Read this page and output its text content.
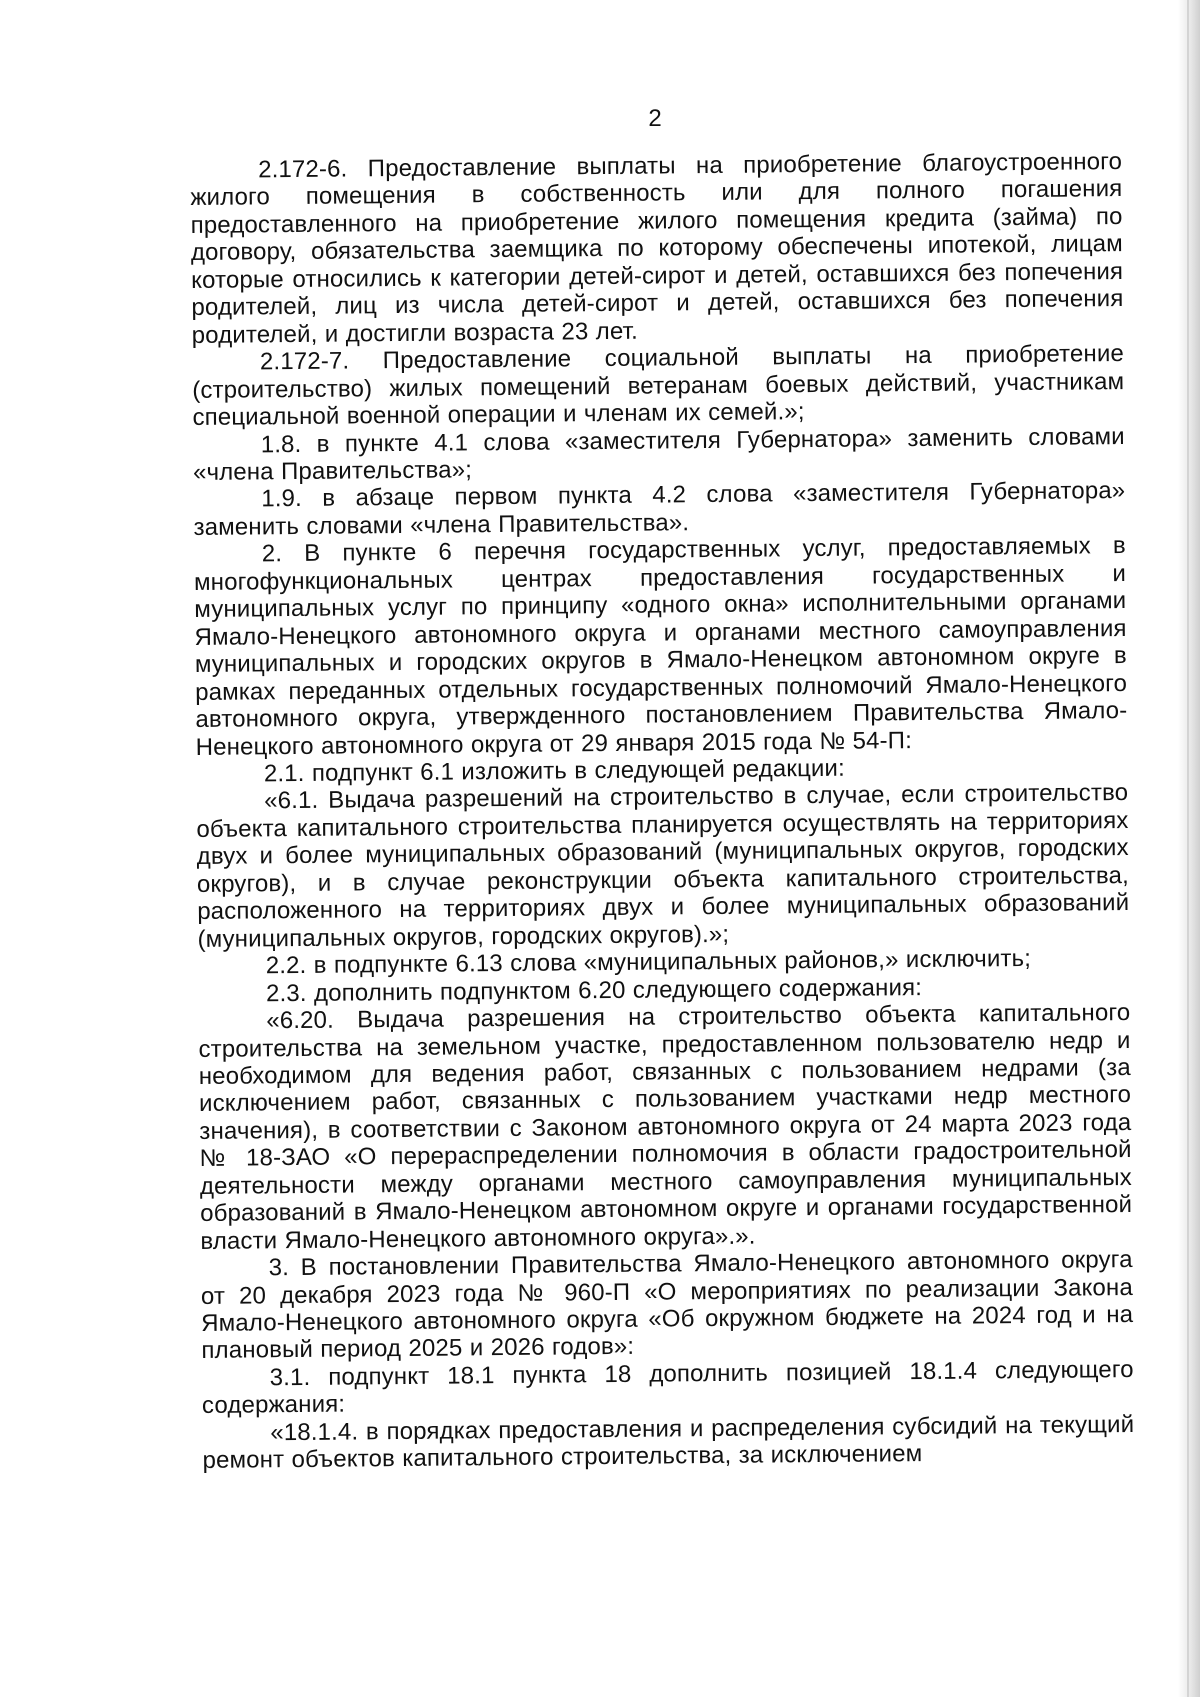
2

2.172-6. Предоставление выплаты на приобретение благоустроенного жилого помещения в собственность или для полного погашения предоставленного на приобретение жилого помещения кредита (займа) по договору, обязательства заемщика по которому обеспечены ипотекой, лицам которые относились к категории детей-сирот и детей, оставшихся без попечения родителей, лиц из числа детей-сирот и детей, оставшихся без попечения родителей, и достигли возраста 23 лет.

2.172-7. Предоставление социальной выплаты на приобретение (строительство) жилых помещений ветеранам боевых действий, участникам специальной военной операции и членам их семей.»;

1.8. в пункте 4.1 слова «заместителя Губернатора» заменить словами «члена Правительства»;

1.9. в абзаце первом пункта 4.2 слова «заместителя Губернатора» заменить словами «члена Правительства».

2. В пункте 6 перечня государственных услуг, предоставляемых в многофункциональных центрах предоставления государственных и муниципальных услуг по принципу «одного окна» исполнительными органами Ямало-Ненецкого автономного округа и органами местного самоуправления муниципальных и городских округов в Ямало-Ненецком автономном округе в рамках переданных отдельных государственных полномочий Ямало-Ненецкого автономного округа, утвержденного постановлением Правительства Ямало-Ненецкого автономного округа от 29 января 2015 года № 54-П:

2.1. подпункт 6.1 изложить в следующей редакции:

«6.1. Выдача разрешений на строительство в случае, если строительство объекта капитального строительства планируется осуществлять на территориях двух и более муниципальных образований (муниципальных округов, городских округов), и в случае реконструкции объекта капитального строительства, расположенного на территориях двух и более муниципальных образований (муниципальных округов, городских округов).»;

2.2. в подпункте 6.13 слова «муниципальных районов,» исключить;

2.3. дополнить подпунктом 6.20 следующего содержания:

«6.20. Выдача разрешения на строительство объекта капитального строительства на земельном участке, предоставленном пользователю недр и необходимом для ведения работ, связанных с пользованием недрами (за исключением работ, связанных с пользованием участками недр местного значения), в соответствии с Законом автономного округа от 24 марта 2023 года № 18-ЗАО «О перераспределении полномочия в области градостроительной деятельности между органами местного самоуправления муниципальных образований в Ямало-Ненецком автономном округе и органами государственной власти Ямало-Ненецкого автономного округа».».

3. В постановлении Правительства Ямало-Ненецкого автономного округа от 20 декабря 2023 года № 960-П «О мероприятиях по реализации Закона Ямало-Ненецкого автономного округа «Об окружном бюджете на 2024 год и на плановый период 2025 и 2026 годов»:

3.1. подпункт 18.1 пункта 18 дополнить позицией 18.1.4 следующего содержания:

«18.1.4. в порядках предоставления и распределения субсидий на текущий ремонт объектов капитального строительства, за исключением
